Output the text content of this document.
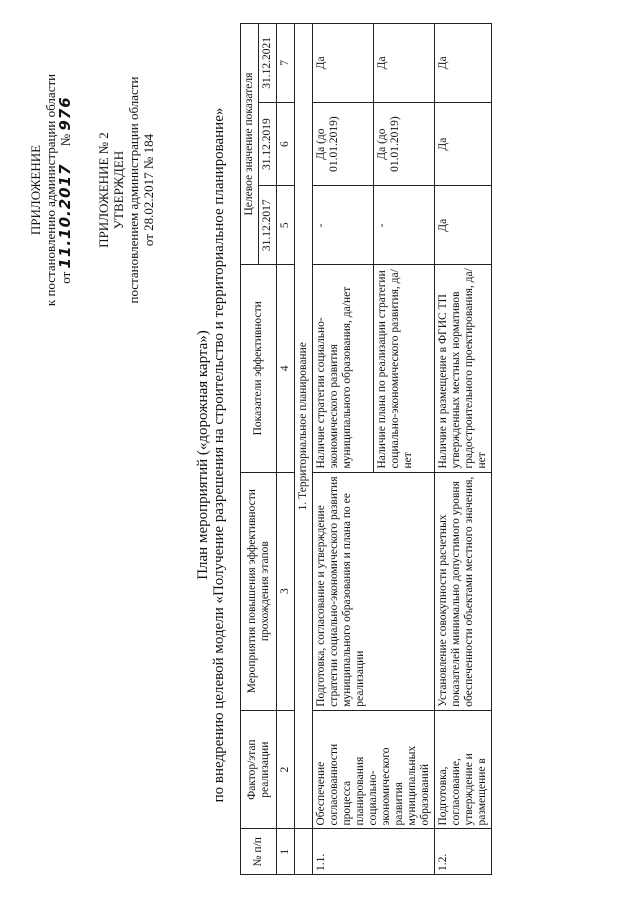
ПРИЛОЖЕНИЕ к постановлению администрации области от 11.10.2017 № 976
ПРИЛОЖЕНИЕ № 2 УТВЕРЖДЕН постановлением администрации области от 28.02.2017 № 184
План мероприятий («дорожная карта») по внедрению целевой модели «Получение разрешения на строительство и территориальное планирование»
№ п/п	Фактор/этап реализации	Мероприятия повышения эффективности прохождения этапов	Показатели эффективности	Целевое значение показателя		
				31.12.2017	31.12.2019	31.12.2021
1	2	3	4	5	6	7
	1. Территориальное планирование					
1.1.	Обеспечение согласованности процесса планирования социально-экономического развития муниципальных образований	Подготовка, согласование и утверждение стратегии социально-экономического развития муниципального образования и плана по ее реализации	Наличие стратегии социально-экономического развития муниципального образования, да/нет	-	Да (до 01.01.2019)	Да
			Наличие плана по реализации стратегии социально-экономического развития, да/нет	-	Да (до 01.01.2019)	Да
1.2.	Подготовка, согласование, утверждение и размещение в	Установление совокупности расчетных показателей минимально допустимого уровня обеспеченности объектами местного значения,	Наличие и размещение в ФГИС ТП утвержденных местных нормативов градостроительного проектирования, да/нет	Да	Да	Да
